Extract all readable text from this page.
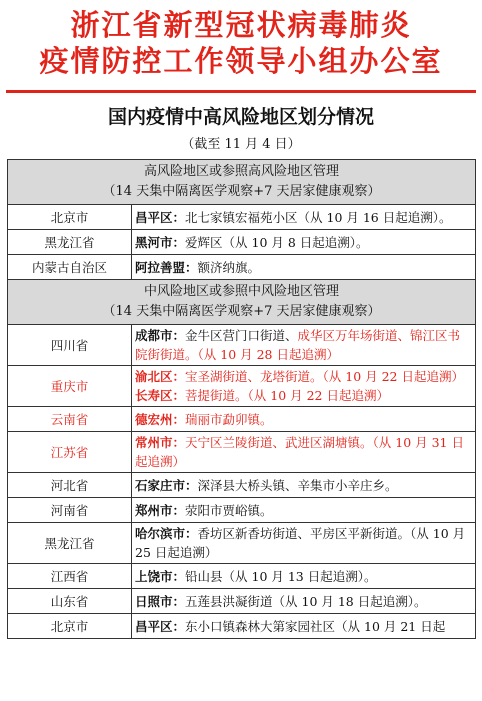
浙江省新型冠状病毒肺炎
疫情防控工作领导小组办公室
国内疫情中高风险地区划分情况
（截至 11 月 4 日）
高风险地区或参照高风险地区管理
（14 天集中隔离医学观察+7 天居家健康观察）	

北京市	昌平区：北七家镇宏福苑小区（从 10 月 16 日起追溯）。
黑龙江省	黑河市：爱辉区（从 10 月 8 日起追溯）。
内蒙古自治区	阿拉善盟：额济纳旗。

中风险地区或参照中风险地区管理
（14 天集中隔离医学观察+7 天居家健康观察）	

四川省	成都市：金牛区营门口街道、成华区万年场街道、锦江区书院街街道。（从 10 月 28 日起追溯）
重庆市	渝北区：宝圣湖街道、龙塔街道。（从 10 月 22 日起追溯）
长寿区：菩提街道。（从 10 月 22 日起追溯）

云南省	德宏州：瑞丽市勐卯镇。
江苏省	常州市：天宁区兰陵街道、武进区湖塘镇。（从 10 月 31 日起追溯）
河北省	石家庄市：深泽县大桥头镇、辛集市小辛庄乡。
河南省	郑州市：荥阳市贾峪镇。
黑龙江省	哈尔滨市：香坊区新香坊街道、平房区平新街道。（从 10 月 25 日起追溯）
江西省	上饶市：铅山县（从 10 月 13 日起追溯）。
山东省	日照市：五莲县洪凝街道（从 10 月 18 日起追溯）。
北京市	昌平区：东小口镇森林大第家园社区（从 10 月 21 日起
